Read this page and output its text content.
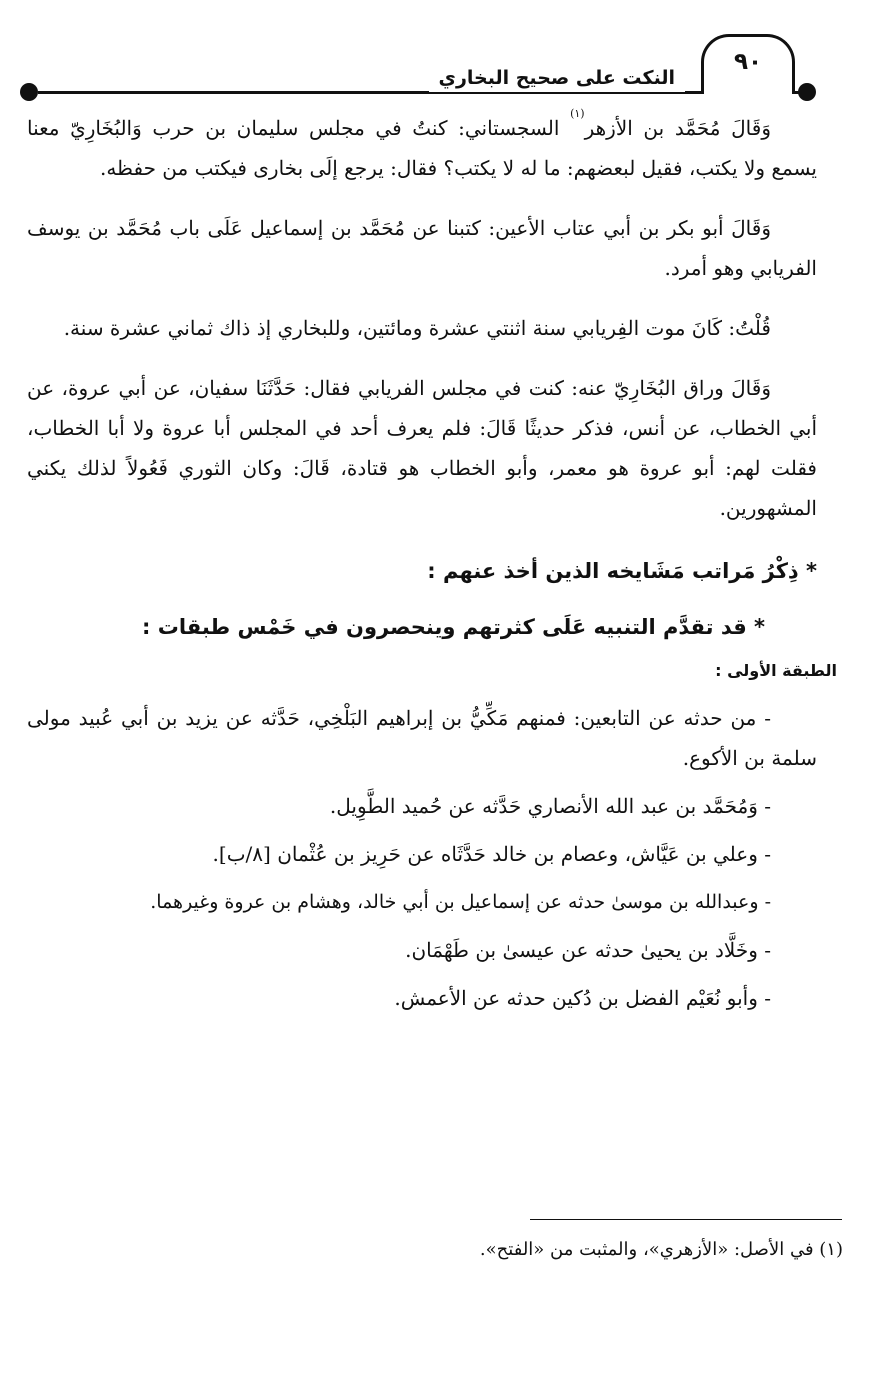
٩٠
النكت على صحيح البخاري

وَقَالَ مُحَمَّد بن الأزهر$^{(١)}$ السجستاني: كنتُ في مجلس سليمان بن حرب وَالبُخَارِيّ معنا يسمع ولا يكتب، فقيل لبعضهم: ما له لا يكتب؟ فقال: يرجع إلَى بخارى فيكتب من حفظه.

وَقَالَ أبو بكر بن أبي عتاب الأعين: كتبنا عن مُحَمَّد بن إسماعيل عَلَى باب مُحَمَّد بن يوسف الفريابي وهو أمرد.

قُلْتُ: كَانَ موت الفِريابي سنة اثنتي عشرة ومائتين، وللبخاري إذ ذاك ثماني عشرة سنة.

وَقَالَ وراق البُخَارِيّ عنه: كنت في مجلس الفريابي فقال: حَدَّثَنَا سفيان، عن أبي عروة، عن أبي الخطاب، عن أنس، فذكر حديثًا قَالَ: فلم يعرف أحد في المجلس أبا عروة ولا أبا الخطاب، فقلت لهم: أبو عروة هو معمر، وأبو الخطاب هو قتادة، قَالَ: وكان الثوري فَعُولاً لذلك يكني المشهورين.

* ذِكْرُ مَراتب مَشَايخه الذين أخذ عنهم :
* قد تقدَّم التنبيه عَلَى كثرتهم وينحصرون في خَمْس طبقات :
الطبقة الأولى :

- من حدثه عن التابعين: فمنهم مَكِّيُّ بن إبراهيم البَلْخِي، حَدَّثه عن يزيد بن أبي عُبيد مولى سلمة بن الأكوع.

- وَمُحَمَّد بن عبد الله الأنصاري حَدَّثه عن حُميد الطَّوِيل.

- وعلي بن عَيَّاش، وعصام بن خالد حَدَّثَاه عن حَرِيز بن عُثْمان [٨/ب].

- وعبدالله بن موسىٰ حدثه عن إسماعيل بن أبي خالد، وهشام بن عروة وغيرهما.

- وخَلَّاد بن يحيىٰ حدثه عن عيسىٰ بن طَهْمَان.

- وأبو نُعَيْم الفضل بن دُكين حدثه عن الأعمش.

(١) في الأصل: «الأزهري»، والمثبت من «الفتح».
